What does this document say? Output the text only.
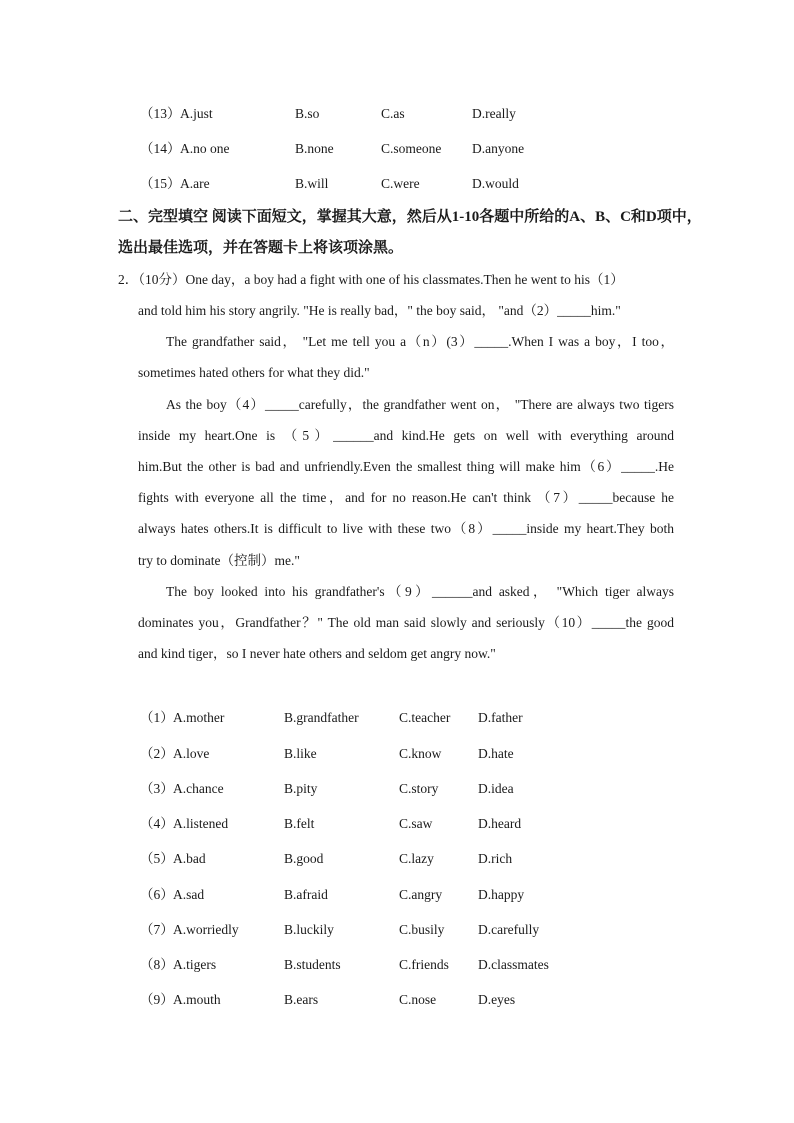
（13） A.just	B.so	C.as	D.really
（14） A.no one	B.none	C.someone D.anyone
（15） A.are	B.will	C.were	D.would
二、完型填空 阅读下面短文，掌握其大意，然后从1-10各题中所给的A、B、C和D项中，
选出最佳选项，并在答题卡上将该项涂黑。
2．（10分）One day，a boy had a fight with one of his classmates.Then he went to his（1）
and told him his story angrily. "He is really bad，" the boy said， "and（2）_____him."
The grandfather said， "Let me tell you a（n）(3）_____.When I was a boy，I too，
sometimes hated others for what they did."
As the boy（4）_____carefully，the grandfather went on， "There are always two tigers
inside my heart.One is （5）______and kind.He gets on well with everything around
him.But the other is bad and unfriendly.Even the smallest thing will make him（6）_____.He
fights with everyone all the time，and for no reason.He can't think （7）_____because he
always hates others.It is difficult to live with these two（8）_____inside my heart.They both
try to dominate（控制）me."
The boy looked into his grandfather's（9）______and asked， "Which tiger always
dominates you，Grandfather？" The old man said slowly and seriously（10）_____the good
and kind tiger，so I never hate others and seldom get angry now."
（1） A.mother	B.grandfather	C.teacher D.father
（2） A.love	B.like	C.know	D.hate
（3） A.chance	B.pity	C.story	D.idea
（4） A.listened	B.felt	C.saw	D.heard
（5） A.bad	B.good	C.lazy	D.rich
（6） A.sad	B.afraid	C.angry	D.happy
（7） A.worriedly	B.luckily	C.busily D.carefully
（8） A.tigers	B.students	C.friends D.classmates
（9） A.mouth	B.ears	C.nose	D.eyes
